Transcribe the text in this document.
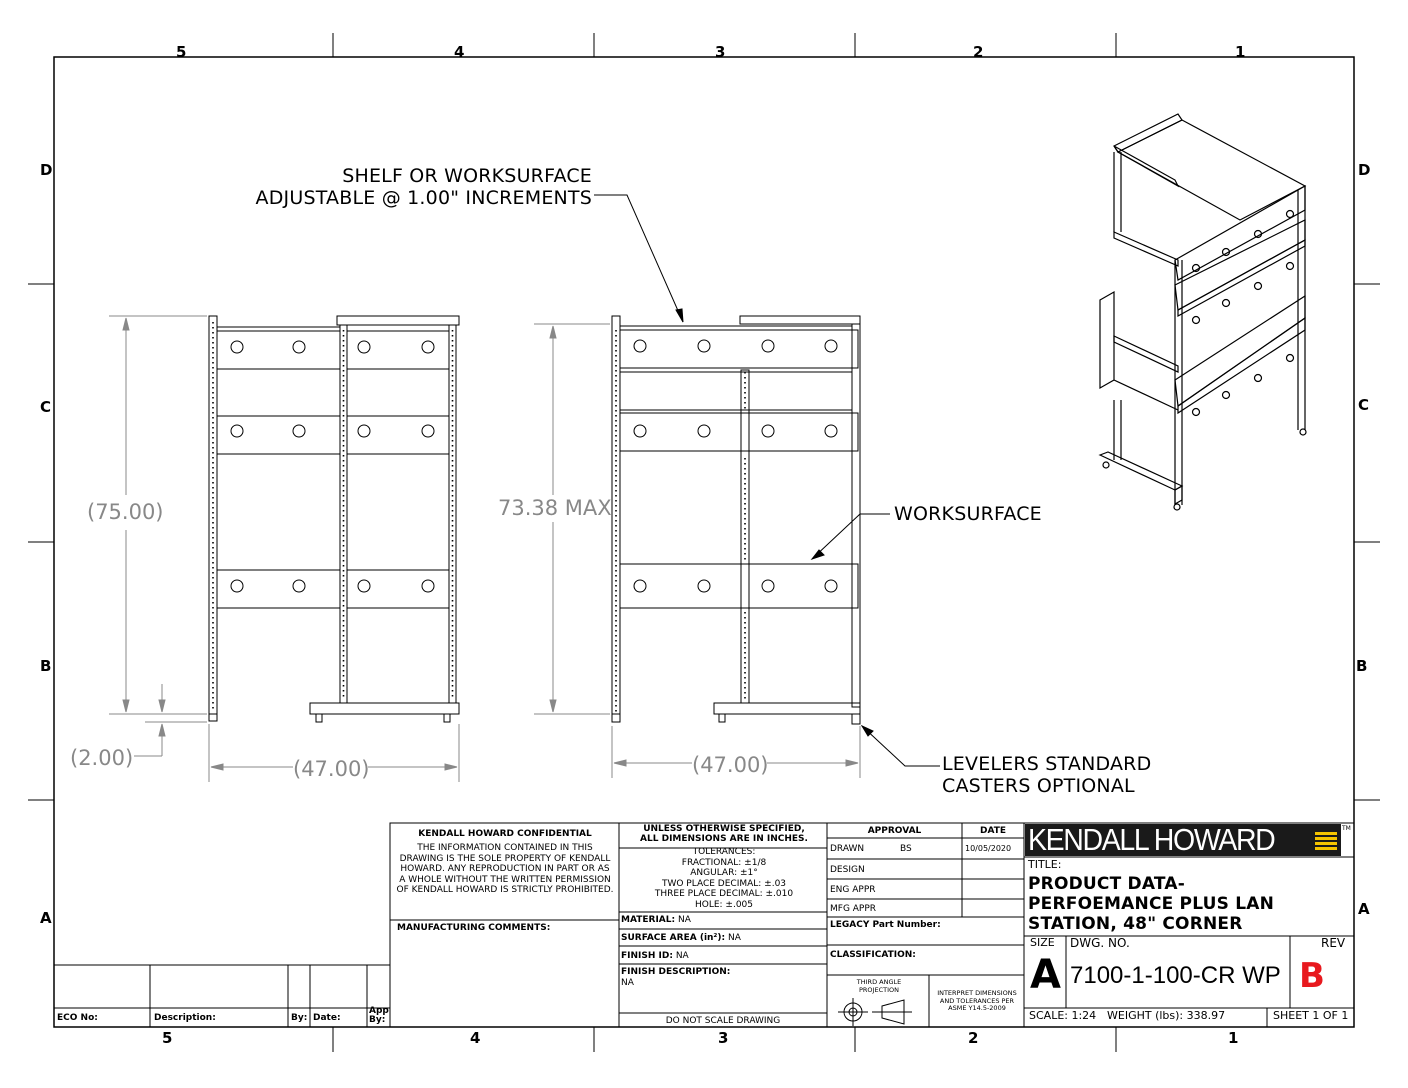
5	4	3	2	1
5	4	3	2	1
D
C
B
A
D
C
B
A
SHELF OR WORKSURFACE
ADJUSTABLE @ 1.00" INCREMENTS
WORKSURFACE
LEVELERS STANDARD
CASTERS OPTIONAL
(75.00)	73.38 MAX
(2.00)	(47.00)	(47.00)
KENDALL HOWARD CONFIDENTIAL
THE INFORMATION CONTAINED IN THIS DRAWING IS THE SOLE PROPERTY OF KENDALL HOWARD. ANY REPRODUCTION IN PART OR AS A WHOLE WITHOUT THE WRITTEN PERMISSION OF KENDALL HOWARD IS STRICTLY PROHIBITED.
MANUFACTURING COMMENTS:
UNLESS OTHERWISE SPECIFIED, ALL DIMENSIONS ARE IN INCHES.
TOLERANCES:
FRACTIONAL: ±1/8
ANGULAR: ±1°
TWO PLACE DECIMAL: ±.03
THREE PLACE DECIMAL: ±.010
HOLE: ±.005
MATERIAL: NA
SURFACE AREA (in²): NA
FINISH ID: NA
FINISH DESCRIPTION:
NA
DO NOT SCALE DRAWING
APPROVAL	DATE
DRAWN	BS	10/05/2020
DESIGN
ENG APPR
MFG APPR
LEGACY Part Number:
CLASSIFICATION:
THIRD ANGLE PROJECTION	INTERPRET DIMENSIONS AND TOLERANCES PER ASME Y14.5-2009
KENDALL HOWARD	TM
TITLE:
PRODUCT DATA-
PERFOEMANCE PLUS LAN
STATION, 48" CORNER
SIZE
A
DWG. NO.
7100-1-100-CR WP
REV
B
SCALE: 1:24 WEIGHT (lbs): 338.97	SHEET 1 OF 1
ECO No:	Description:	By: Date:
App By:
